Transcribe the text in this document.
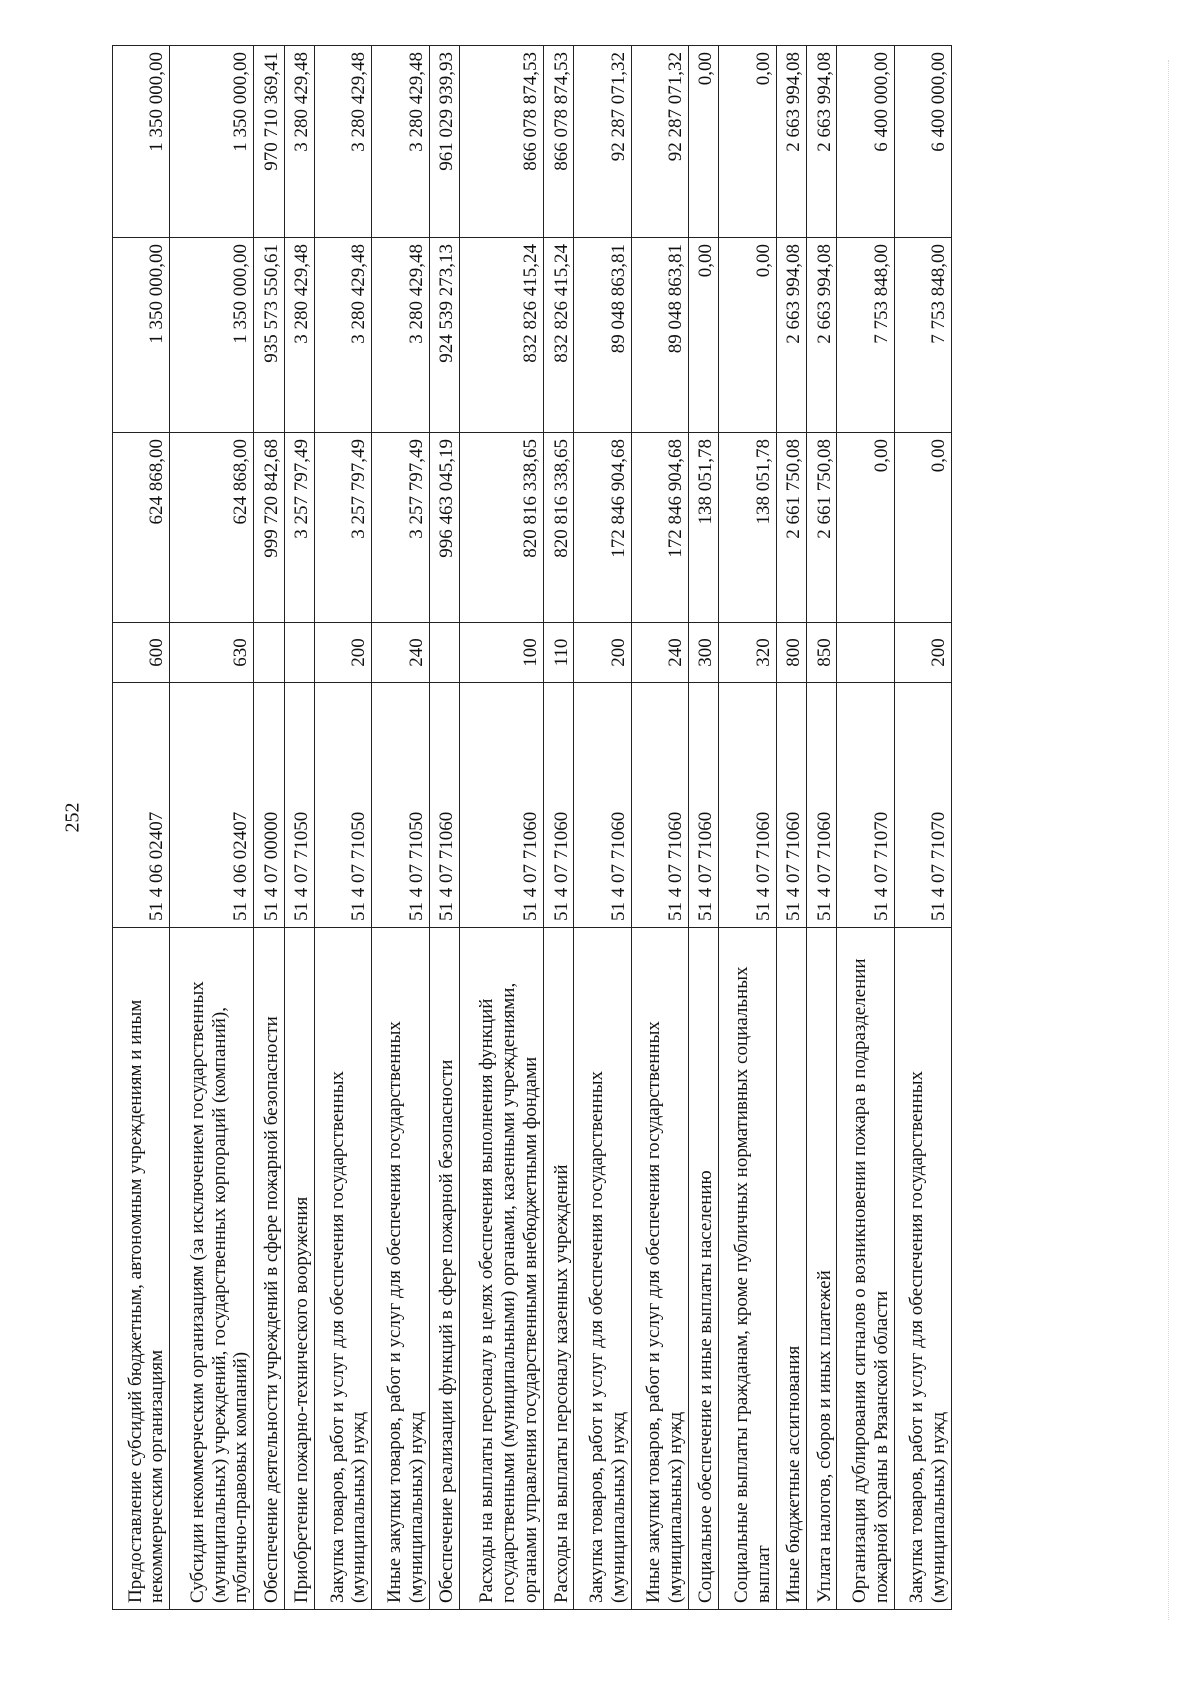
252
Предоставление субсидий бюджетным, автономным учреждениям и иным некоммерческим организациям	51 4 06 02407	600	624 868,00	1 350 000,00	1 350 000,00
Субсидии некоммерческим организациям (за исключением государственных (муниципальных) учреждений, государственных корпораций (компаний), публично-правовых компаний)	51 4 06 02407	630	624 868,00	1 350 000,00	1 350 000,00
Обеспечение деятельности учреждений в сфере пожарной безопасности	51 4 07 00000		999 720 842,68	935 573 550,61	970 710 369,41
Приобретение пожарно-технического вооружения	51 4 07 71050		3 257 797,49	3 280 429,48	3 280 429,48
Закупка товаров, работ и услуг для обеспечения государственных (муниципальных) нужд	51 4 07 71050	200	3 257 797,49	3 280 429,48	3 280 429,48
Иные закупки товаров, работ и услуг для обеспечения государственных (муниципальных) нужд	51 4 07 71050	240	3 257 797,49	3 280 429,48	3 280 429,48
Обеспечение реализации функций в сфере пожарной безопасности	51 4 07 71060		996 463 045,19	924 539 273,13	961 029 939,93
Расходы на выплаты персоналу в целях обеспечения выполнения функций государственными (муниципальными) органами, казенными учреждениями, органами управления государственными внебюджетными фондами	51 4 07 71060	100	820 816 338,65	832 826 415,24	866 078 874,53
Расходы на выплаты персоналу казенных учреждений	51 4 07 71060	110	820 816 338,65	832 826 415,24	866 078 874,53
Закупка товаров, работ и услуг для обеспечения государственных (муниципальных) нужд	51 4 07 71060	200	172 846 904,68	89 048 863,81	92 287 071,32
Иные закупки товаров, работ и услуг для обеспечения государственных (муниципальных) нужд	51 4 07 71060	240	172 846 904,68	89 048 863,81	92 287 071,32
Социальное обеспечение и иные выплаты населению	51 4 07 71060	300	138 051,78	0,00	0,00
Социальные выплаты гражданам, кроме публичных нормативных социальных выплат	51 4 07 71060	320	138 051,78	0,00	0,00
Иные бюджетные ассигнования	51 4 07 71060	800	2 661 750,08	2 663 994,08	2 663 994,08
Уплата налогов, сборов и иных платежей	51 4 07 71060	850	2 661 750,08	2 663 994,08	2 663 994,08
Организация дублирования сигналов о возникновении пожара в подразделении пожарной охраны в Рязанской области	51 4 07 71070		0,00	7 753 848,00	6 400 000,00
Закупка товаров, работ и услуг для обеспечения государственных (муниципальных) нужд	51 4 07 71070	200	0,00	7 753 848,00	6 400 000,00
